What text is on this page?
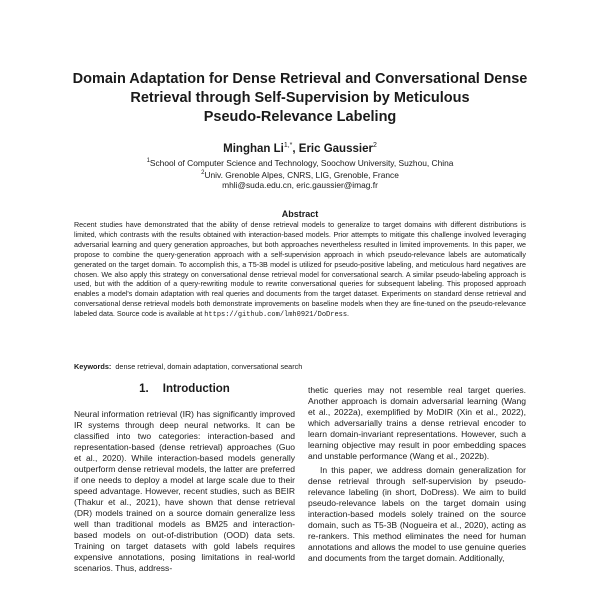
Domain Adaptation for Dense Retrieval and Conversational Dense
Retrieval through Self-Supervision by Meticulous
Pseudo-Relevance Labeling

Minghan $Li^{1,*}$, Eric Gaussier$^2$

$^1$School of Computer Science and Technology, Soochow University, Suzhou, China

$^2$Univ. Grenoble Alpes, CNRS, LIG, Grenoble, France

mhli@suda.edu.cn, eric.gaussier@imag.fr

Abstract

Recent studies have demonstrated that the ability of dense retrieval models to generalize to target domains with different distributions is limited, which contrasts with the results obtained with interaction-based models. Prior attempts to mitigate this challenge involved leveraging adversarial learning and query generation approaches, but both approaches nevertheless resulted in limited improvements. In this paper, we propose to combine the query-generation approach with a self-supervision approach in which pseudo-relevance labels are automatically generated on the target domain. To accomplish this, a T5-3B model is utilized for pseudo-positive labeling, and meticulous hard negatives are chosen. We also apply this strategy on conversational dense retrieval model for conversational search. A similar pseudo-labeling approach is used, but with the addition of a query-rewriting module to rewrite conversational queries for subsequent labeling. This proposed approach enables a model's domain adaptation with real queries and documents from the target dataset. Experiments on standard dense retrieval and conversational dense retrieval models both demonstrate improvements on baseline models when they are fine-tuned on the pseudo-relevance labeled data. Source code is available at https://github.com/lmh0921/DoDress.

Keywords: dense retrieval, domain adaptation, conversational search

1. Introduction

Neural information retrieval (IR) has significantly improved IR systems through deep neural networks. It can be classified into two categories: interaction-based and representation-based (dense retrieval) approaches (Guo et al., 2020). While interaction-based models generally outperform dense retrieval models, the latter are preferred if one needs to deploy a model at large scale due to their speed advantage. However, recent studies, such as BEIR (Thakur et al., 2021), have shown that dense retrieval (DR) models trained on a source domain generalize less well than traditional models as BM25 and interaction-based models on out-of-distribution (OOD) data sets. Training on target datasets with gold labels requires expensive annotations, posing limitations in real-world scenarios. Thus, address-

thetic queries may not resemble real target queries. Another approach is domain adversarial learning (Wang et al., 2022a), exemplified by MoDIR (Xin et al., 2022), which adversarially trains a dense retrieval encoder to learn domain-invariant representations. However, such a learning objective may result in poor embedding spaces and unstable performance (Wang et al., 2022b).

In this paper, we address domain generalization for dense retrieval through self-supervision by pseudo-relevance labeling (in short, DoDress). We aim to build pseudo-relevance labels on the target domain using interaction-based models solely trained on the source domain, such as T5-3B (Nogueira et al., 2020), acting as re-rankers. This method eliminates the need for human annotations and allows the model to use genuine queries and documents from the target domain. Additionally,
